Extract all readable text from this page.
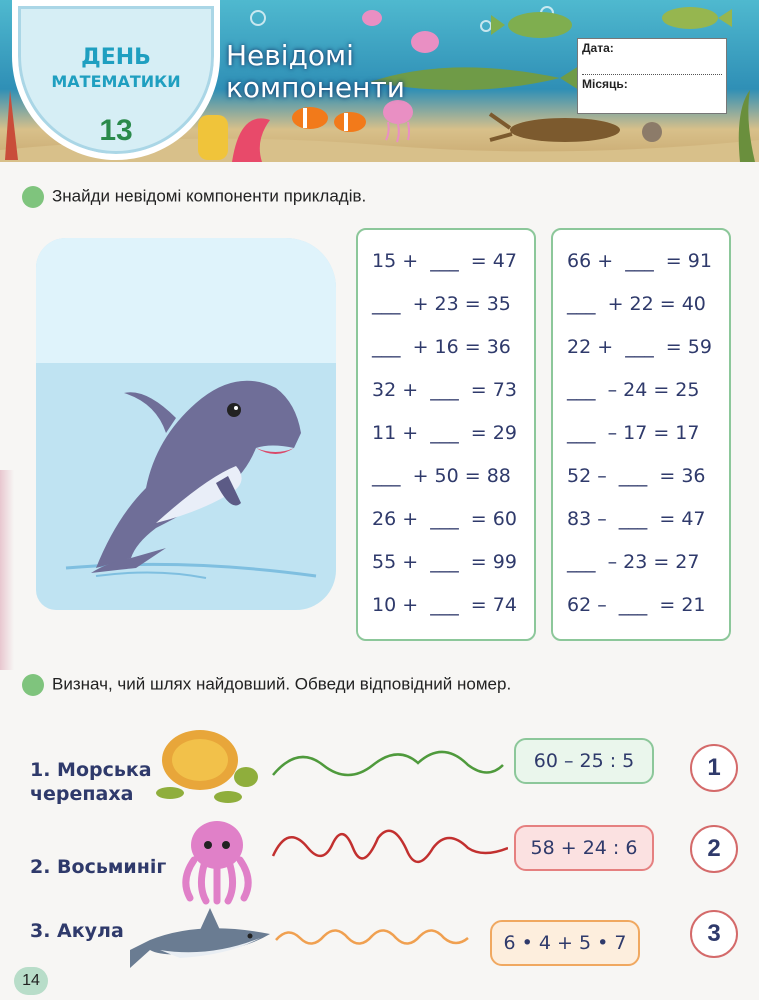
ДЕНЬ

МАТЕМАТИКИ
13
Невідомі
компоненти
Дата:
Місяць:
Знайди невідомі компоненти прикладів.
15 +  ___  = 47
___  + 23 = 35
___  + 16 = 36
32 +  ___  = 73
11 +  ___  = 29
___  + 50 = 88
26 +  ___  = 60
55 +  ___  = 99
10 +  ___  = 74
66 +  ___  = 91
___  + 22 = 40
22 +  ___  = 59
___  – 24 = 25
___  – 17 = 17
52 –  ___  = 36
83 –  ___  = 47
___  – 23 = 27
62 –  ___  = 21
Визнач, чий шлях найдовший. Обведи відповідний номер.
1. Морська
черепаха
60 – 25 : 5	1
2. Восьминіг
58 + 24 : 6	2
3. Акула
6 • 4 + 5 • 7	3
14
